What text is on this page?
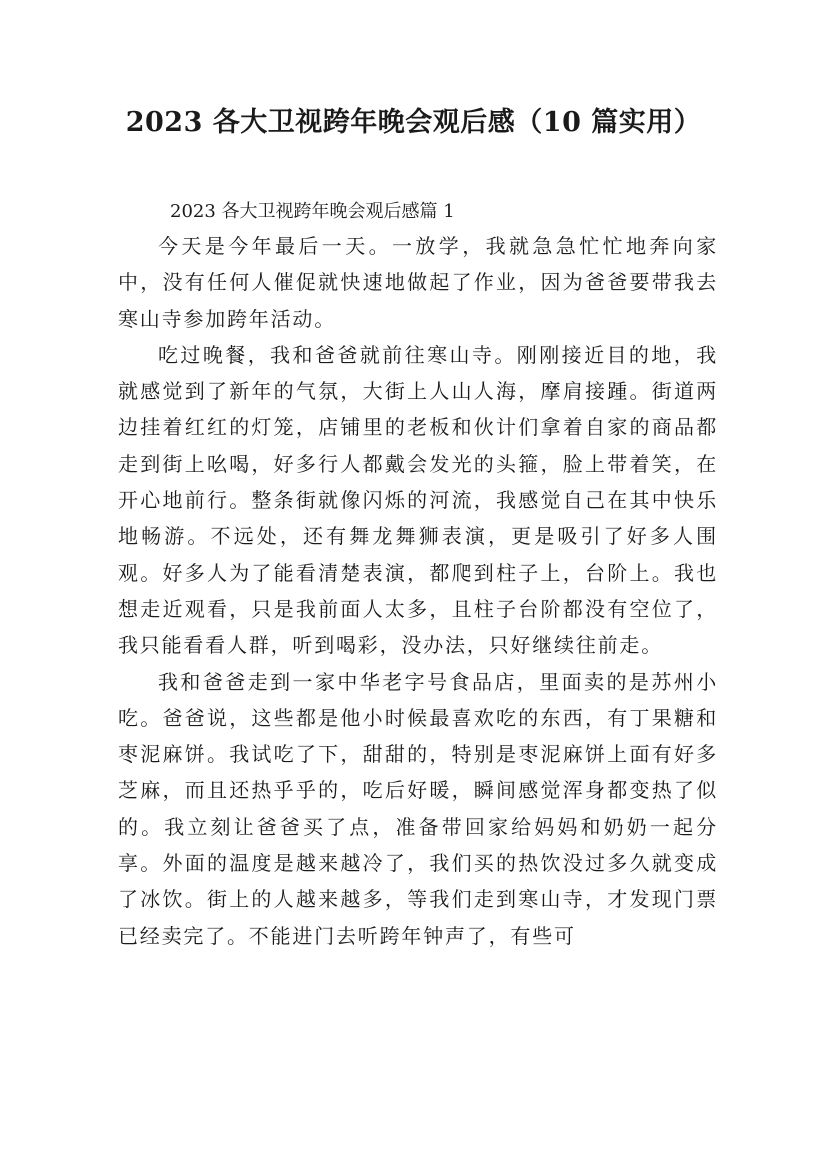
2023 各大卫视跨年晚会观后感（10 篇实用）

2023 各大卫视跨年晚会观后感篇 1

今天是今年最后一天。一放学，我就急急忙忙地奔向家中，没有任何人催促就快速地做起了作业，因为爸爸要带我去寒山寺参加跨年活动。

吃过晚餐，我和爸爸就前往寒山寺。刚刚接近目的地，我就感觉到了新年的气氛，大街上人山人海，摩肩接踵。街道两边挂着红红的灯笼，店铺里的老板和伙计们拿着自家的商品都走到街上吆喝，好多行人都戴会发光的头箍，脸上带着笑，在开心地前行。整条街就像闪烁的河流，我感觉自己在其中快乐地畅游。不远处，还有舞龙舞狮表演，更是吸引了好多人围观。好多人为了能看清楚表演，都爬到柱子上，台阶上。我也想走近观看，只是我前面人太多，且柱子台阶都没有空位了，我只能看看人群，听到喝彩，没办法，只好继续往前走。

我和爸爸走到一家中华老字号食品店，里面卖的是苏州小吃。爸爸说，这些都是他小时候最喜欢吃的东西，有丁果糖和枣泥麻饼。我试吃了下，甜甜的，特别是枣泥麻饼上面有好多芝麻，而且还热乎乎的，吃后好暖，瞬间感觉浑身都变热了似的。我立刻让爸爸买了点，准备带回家给妈妈和奶奶一起分享。外面的温度是越来越冷了，我们买的热饮没过多久就变成了冰饮。街上的人越来越多，等我们走到寒山寺，才发现门票已经卖完了。不能进门去听跨年钟声了，有些可
